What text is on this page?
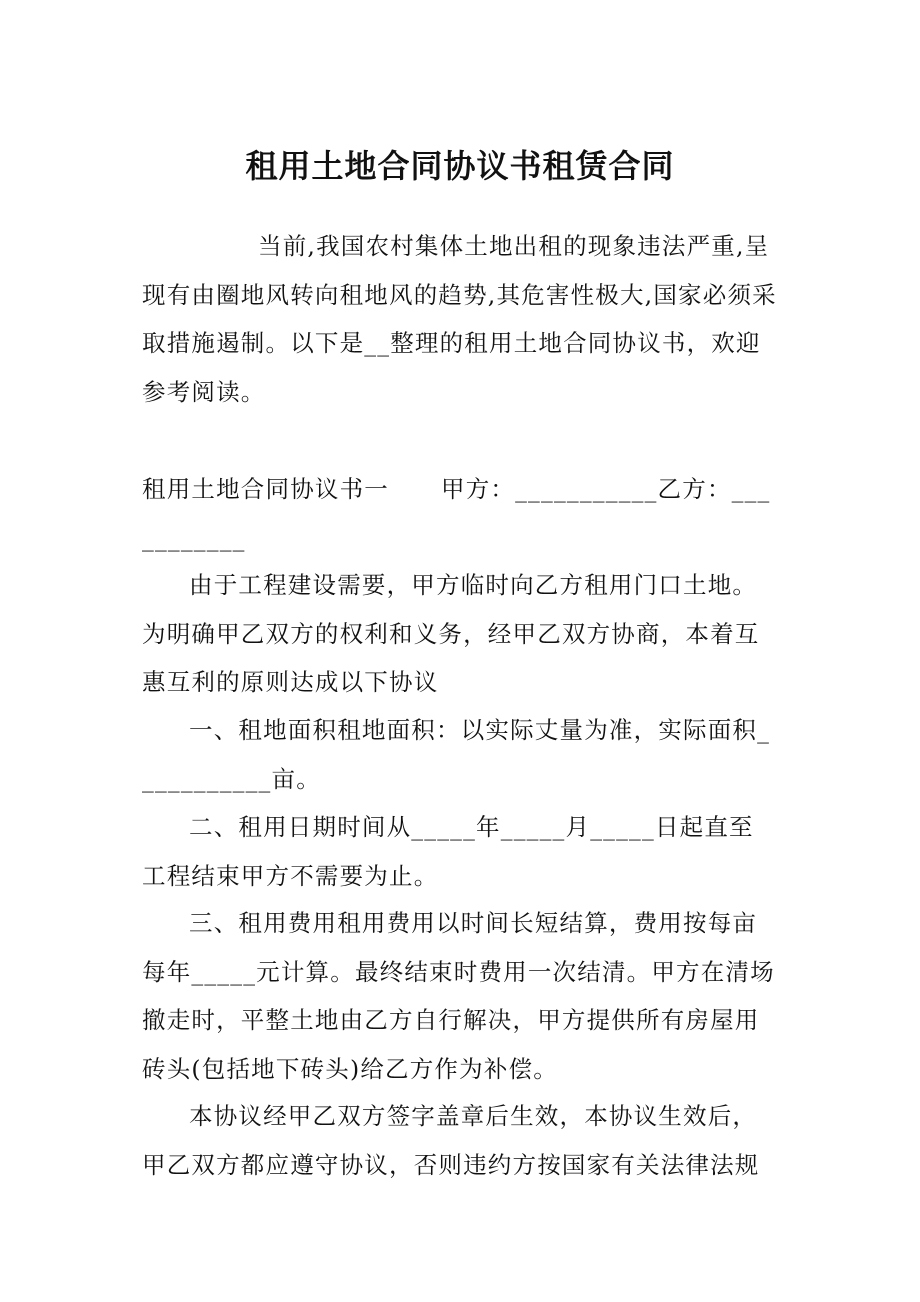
租用土地合同协议书租赁合同
当前,我国农村集体土地出租的现象违法严重,呈现有由圈地风转向租地风的趋势,其危害性极大,国家必须采取措施遏制。以下是__整理的租用土地合同协议书，欢迎参考阅读。
租用土地合同协议书一 甲方：___________乙方：___________
由于工程建设需要，甲方临时向乙方租用门口土地。为明确甲乙双方的权利和义务，经甲乙双方协商，本着互惠互利的原则达成以下协议
一、租地面积租地面积：以实际丈量为准，实际面积___________亩。
二、租用日期时间从_____年_____月_____日起直至工程结束甲方不需要为止。
三、租用费用租用费用以时间长短结算，费用按每亩每年_____元计算。最终结束时费用一次结清。甲方在清场撤走时，平整土地由乙方自行解决，甲方提供所有房屋用砖头(包括地下砖头)给乙方作为补偿。
本协议经甲乙双方签字盖章后生效，本协议生效后，甲乙双方都应遵守协议，否则违约方按国家有关法律法规
